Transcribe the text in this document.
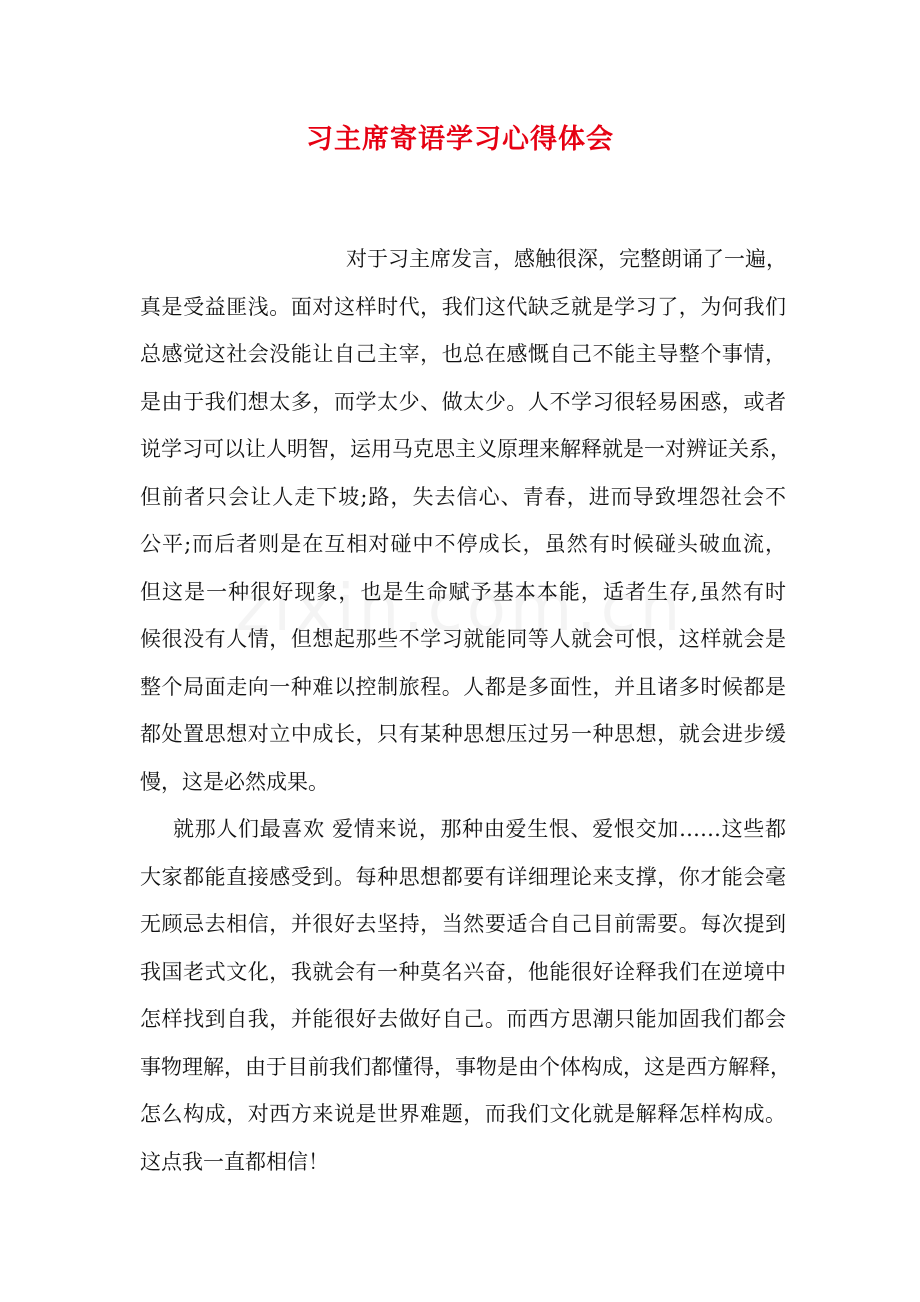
习主席寄语学习心得体会
对于习主席发言，感触很深，完整朗诵了一遍，
真是受益匪浅。面对这样时代，我们这代缺乏就是学习了，为何我们
总感觉这社会没能让自己主宰，也总在感慨自己不能主导整个事情，
是由于我们想太多，而学太少、做太少。人不学习很轻易困惑，或者
说学习可以让人明智，运用马克思主义原理来解释就是一对辨证关系，
但前者只会让人走下坡;路，失去信心、青春，进而导致埋怨社会不
公平;而后者则是在互相对碰中不停成长，虽然有时候碰头破血流，
但这是一种很好现象，也是生命赋予基本本能，适者生存,虽然有时
候很没有人情，但想起那些不学习就能同等人就会可恨，这样就会是
整个局面走向一种难以控制旅程。人都是多面性，并且诸多时候都是
都处置思想对立中成长，只有某种思想压过另一种思想，就会进步缓
慢，这是必然成果。
就那人们最喜欢 爱情来说，那种由爱生恨、爱恨交加……这些都
大家都能直接感受到。每种思想都要有详细理论来支撑，你才能会毫
无顾忌去相信，并很好去坚持，当然要适合自己目前需要。每次提到
我国老式文化，我就会有一种莫名兴奋，他能很好诠释我们在逆境中
怎样找到自我，并能很好去做好自己。而西方思潮只能加固我们都会
事物理解，由于目前我们都懂得，事物是由个体构成，这是西方解释，
怎么构成，对西方来说是世界难题，而我们文化就是解释怎样构成。
这点我一直都相信！
